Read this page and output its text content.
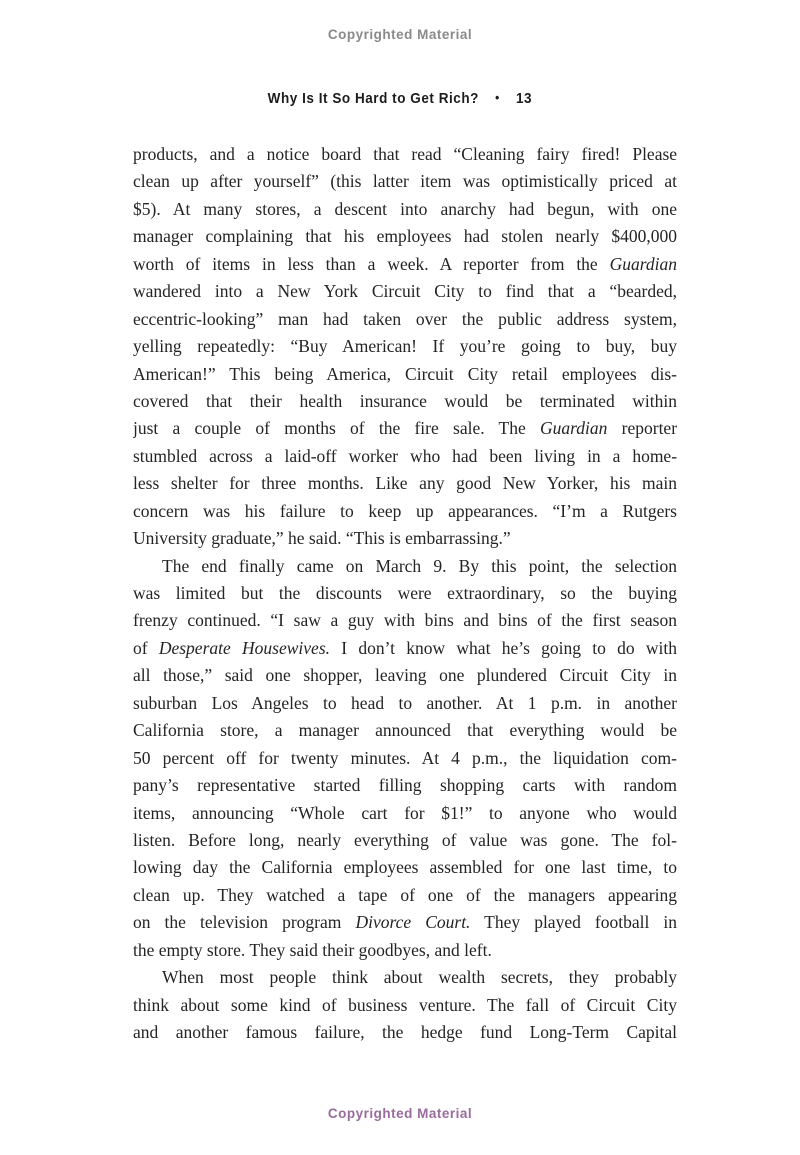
Copyrighted Material
Why Is It So Hard to Get Rich? • 13
products, and a notice board that read “Cleaning fairy fired! Please
clean up after yourself” (this latter item was optimistically priced at
$5). At many stores, a descent into anarchy had begun, with one
manager complaining that his employees had stolen nearly $400,000
worth of items in less than a week. A reporter from the Guardian
wandered into a New York Circuit City to find that a “bearded,
eccentric-looking” man had taken over the public address system,
yelling repeatedly: “Buy American! If you’re going to buy, buy
American!” This being America, Circuit City retail employees dis-
covered that their health insurance would be terminated within
just a couple of months of the fire sale. The Guardian reporter
stumbled across a laid-off worker who had been living in a home-
less shelter for three months. Like any good New Yorker, his main
concern was his failure to keep up appearances. “I’m a Rutgers
University graduate,” he said. “This is embarrassing.”
The end finally came on March 9. By this point, the selection
was limited but the discounts were extraordinary, so the buying
frenzy continued. “I saw a guy with bins and bins of the first season
of Desperate Housewives. I don’t know what he’s going to do with
all those,” said one shopper, leaving one plundered Circuit City in
suburban Los Angeles to head to another. At 1 p.m. in another
California store, a manager announced that everything would be
50 percent off for twenty minutes. At 4 p.m., the liquidation com-
pany’s representative started filling shopping carts with random
items, announcing “Whole cart for $1!” to anyone who would
listen. Before long, nearly everything of value was gone. The fol-
lowing day the California employees assembled for one last time, to
clean up. They watched a tape of one of the managers appearing
on the television program Divorce Court. They played football in
the empty store. They said their goodbyes, and left.
When most people think about wealth secrets, they probably
think about some kind of business venture. The fall of Circuit City
and another famous failure, the hedge fund Long-Term Capital
Copyrighted Material
